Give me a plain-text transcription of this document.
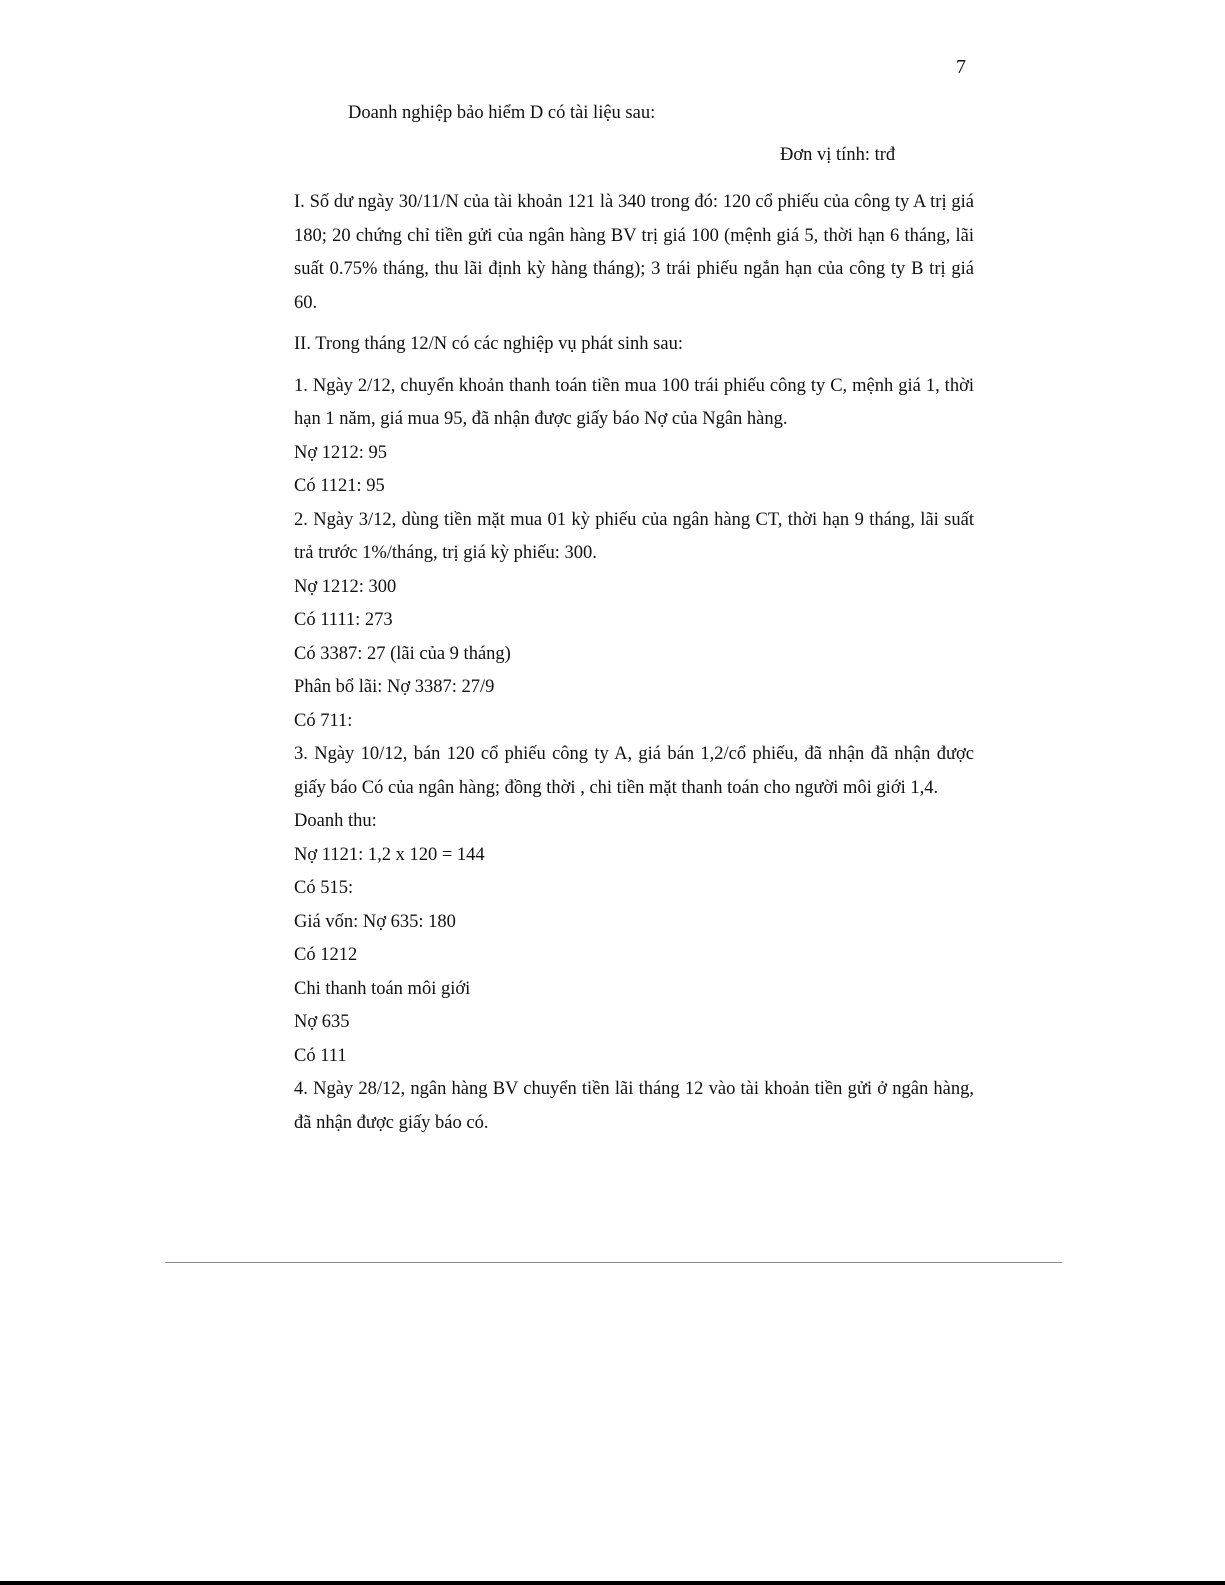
7
Doanh nghiệp bảo hiểm D có tài liệu sau:
Đơn vị tính: trđ

I. Số dư ngày 30/11/N của tài khoản 121 là 340 trong đó: 120 cổ phiếu của công ty A trị giá 180; 20 chứng chỉ tiền gửi của ngân hàng BV trị giá 100 (mệnh giá 5, thời hạn 6 tháng, lãi suất 0.75% tháng, thu lãi định kỳ hàng tháng); 3 trái phiếu ngắn hạn của công ty B trị giá 60.

II. Trong tháng 12/N có các nghiệp vụ phát sinh sau:

1. Ngày 2/12, chuyển khoản thanh toán tiền mua 100 trái phiếu công ty C, mệnh giá 1, thời hạn 1 năm, giá mua 95, đã nhận được giấy báo Nợ của Ngân hàng.

Nợ 1212: 95

Có 1121: 95

2. Ngày 3/12, dùng tiền mặt mua 01 kỳ phiếu của ngân hàng CT, thời hạn 9 tháng, lãi suất trả trước 1%/tháng, trị giá kỳ phiếu: 300.

Nợ 1212: 300

Có 1111: 273

Có 3387: 27 (lãi của 9 tháng)

Phân bổ lãi: Nợ 3387: 27/9

Có 711:

3. Ngày 10/12, bán 120 cổ phiếu công ty A, giá bán 1,2/cổ phiếu, đã nhận đã nhận được giấy báo Có của ngân hàng; đồng thời , chi tiền mặt thanh toán cho người môi giới 1,4.

Doanh thu:

Nợ 1121: 1,2 x 120 = 144

Có 515:

Giá vốn: Nợ 635: 180

Có 1212

Chi thanh toán môi giới

Nợ 635

Có 111

4. Ngày 28/12, ngân hàng BV chuyển tiền lãi tháng 12 vào tài khoản tiền gửi ở ngân hàng, đã nhận được giấy báo có.
